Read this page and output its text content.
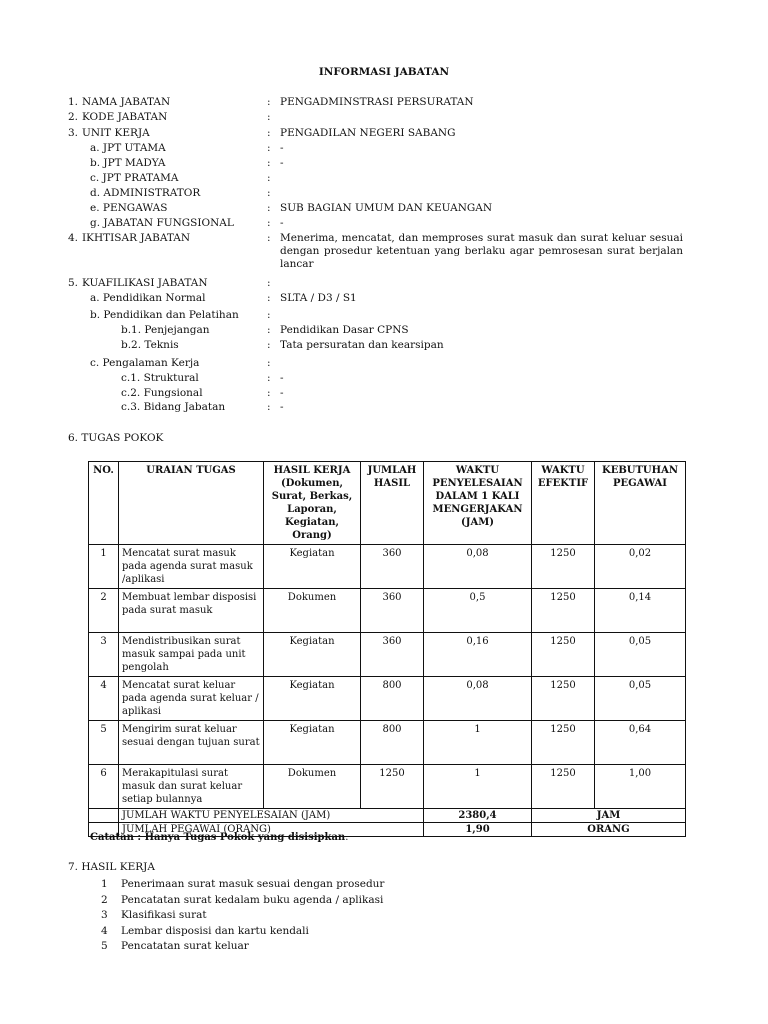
INFORMASI JABATAN
1. NAMA JABATAN	: PENGADMINSTRASI PERSURATAN
2. KODE JABATAN	:
3. UNIT KERJA	: PENGADILAN NEGERI SABANG
a. JPT UTAMA	: -
b. JPT MADYA	: -
c. JPT PRATAMA	:
d. ADMINISTRATOR	:
e. PENGAWAS	: SUB BAGIAN UMUM DAN KEUANGAN
g. JABATAN FUNGSIONAL	: -
4. IKHTISAR JABATAN	: Menerima, mencatat, dan memproses surat masuk dan surat keluar sesuai dengan prosedur ketentuan yang berlaku agar pemrosesan surat berjalan lancar
5. KUAFILIKASI JABATAN	:
a. Pendidikan Normal	: SLTA / D3 / S1
b. Pendidikan dan Pelatihan	:
b.1. Penjejangan	: Pendidikan Dasar CPNS
b.2. Teknis	: Tata persuratan dan kearsipan
c. Pengalaman Kerja	:
c.1. Struktural	: -
c.2. Fungsional	: -
c.3. Bidang Jabatan	: -
6. TUGAS POKOK
NO.	URAIAN TUGAS	HASIL KERJA (Dokumen, Surat, Berkas, Laporan, Kegiatan, Orang)	JUMLAH HASIL	WAKTU PENYELESAIAN DALAM 1 KALI MENGERJAKAN (JAM)	WAKTU EFEKTIF	KEBUTUHAN PEGAWAI
1	Mencatat surat masuk pada agenda surat masuk /aplikasi	Kegiatan	360	0,08	1250	0,02
2	Membuat lembar disposisi pada surat masuk	Dokumen	360	0,5	1250	0,14
3	Mendistribusikan surat masuk sampai pada unit pengolah	Kegiatan	360	0,16	1250	0,05
4	Mencatat surat keluar pada agenda surat keluar / aplikasi	Kegiatan	800	0,08	1250	0,05
5	Mengirim surat keluar sesuai dengan tujuan surat	Kegiatan	800	1	1250	0,64
6	Merakapitulasi surat masuk dan surat keluar setiap bulannya	Dokumen	1250	1	1250	1,00
	JUMLAH WAKTU PENYELESAIAN (JAM)			2380,4	JAM	
	JUMLAH PEGAWAI (ORANG)			1,90	ORANG	
Catatan : Hanya Tugas Pokok yang disisipkan.
7. HASIL KERJA
1 Penerimaan surat masuk sesuai dengan prosedur
2 Pencatatan surat kedalam buku agenda / aplikasi
3 Klasifikasi surat
4 Lembar disposisi dan kartu kendali
5 Pencatatan surat keluar
